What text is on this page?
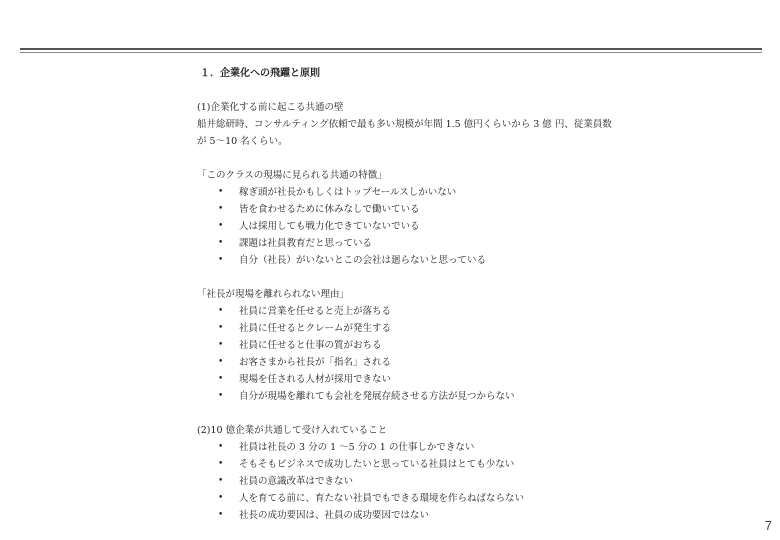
１．企業化への飛躍と原則
(1)企業化する前に起こる共通の壁
船井総研時、コンサルティング依頼で最も多い規模が年間 1.5 億円くらいから 3 億 円、従業員数
が 5〜10 名くらい。
「このクラスの現場に見られる共通の特徴」
• 稼ぎ頭が社長かもしくはトップセールスしかいない
• 皆を食わせるために休みなしで働いている
• 人は採用しても戦力化できていないでいる
• 課題は社員教育だと思っている
• 自分（社長）がいないとこの会社は廻らないと思っている
「社長が現場を離れられない理由」
• 社員に営業を任せると売上が落ちる
• 社員に任せるとクレームが発生する
• 社員に任せると仕事の質がおちる
• お客さまから社長が「指名」される
• 現場を任される人材が採用できない
• 自分が現場を離れても会社を発展存続させる方法が見つからない
(2)10 億企業が共通して受け入れていること
• 社員は社長の 3 分の 1 〜5 分の 1 の仕事しかできない
• そもそもビジネスで成功したいと思っている社員はとても少ない
• 社員の意識改革はできない
• 人を育てる前に、育たない社員でもできる環境を作らねばならない
• 社長の成功要因は、社員の成功要因ではない
7
